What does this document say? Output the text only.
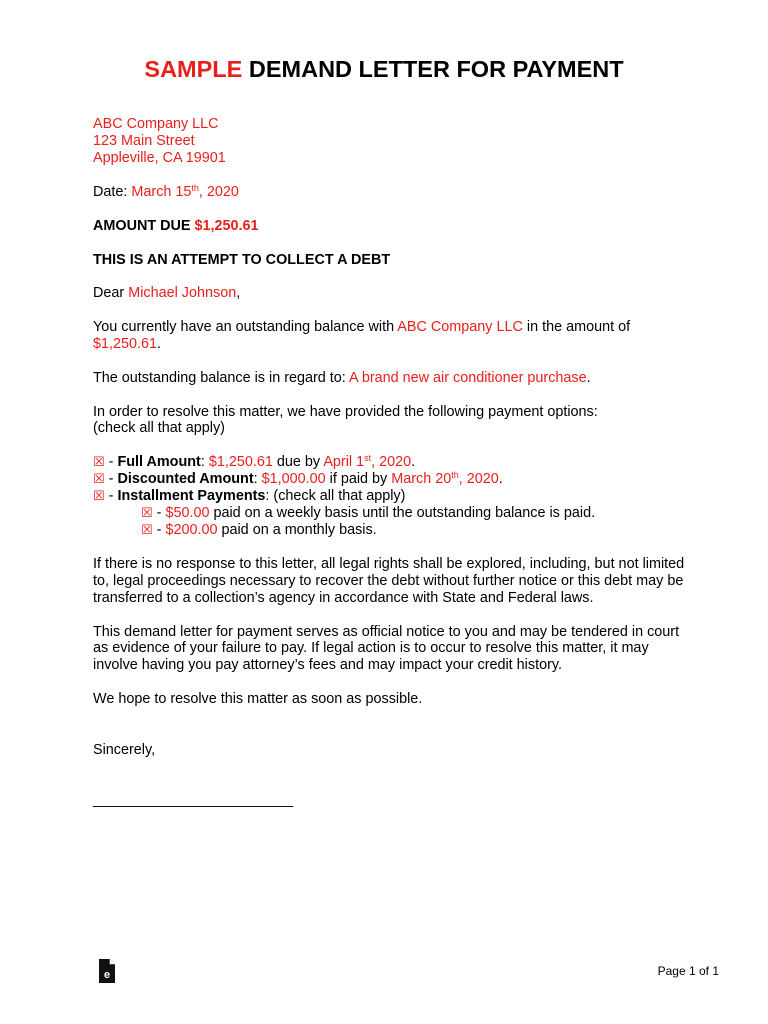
SAMPLE DEMAND LETTER FOR PAYMENT

ABC Company LLC

123 Main Street

Appleville, CA 19901

Date: March 15th, 2020

AMOUNT DUE $1,250.61

THIS IS AN ATTEMPT TO COLLECT A DEBT

Dear Michael Johnson,

You currently have an outstanding balance with ABC Company LLC in the amount of
$1,250.61.

The outstanding balance is in regard to: A brand new air conditioner purchase.

In order to resolve this matter, we have provided the following payment options:
(check all that apply)

☒ - Full Amount: $1,250.61 due by April 1st, 2020.
☒ - Discounted Amount: $1,000.00 if paid by March 20th, 2020.
☒ - Installment Payments: (check all that apply)
☒ - $50.00 paid on a weekly basis until the outstanding balance is paid.
☒ - $200.00 paid on a monthly basis.

If there is no response to this letter, all legal rights shall be explored, including, but not limited to, legal proceedings necessary to recover the debt without further notice or this debt may be transferred to a collection’s agency in accordance with State and Federal laws.

This demand letter for payment serves as official notice to you and may be tendered in court as evidence of your failure to pay. If legal action is to occur to resolve this matter, it may involve having you pay attorney’s fees and may impact your credit history.

We hope to resolve this matter as soon as possible.

Sincerely,

_________________________

e	Page 1 of 1
